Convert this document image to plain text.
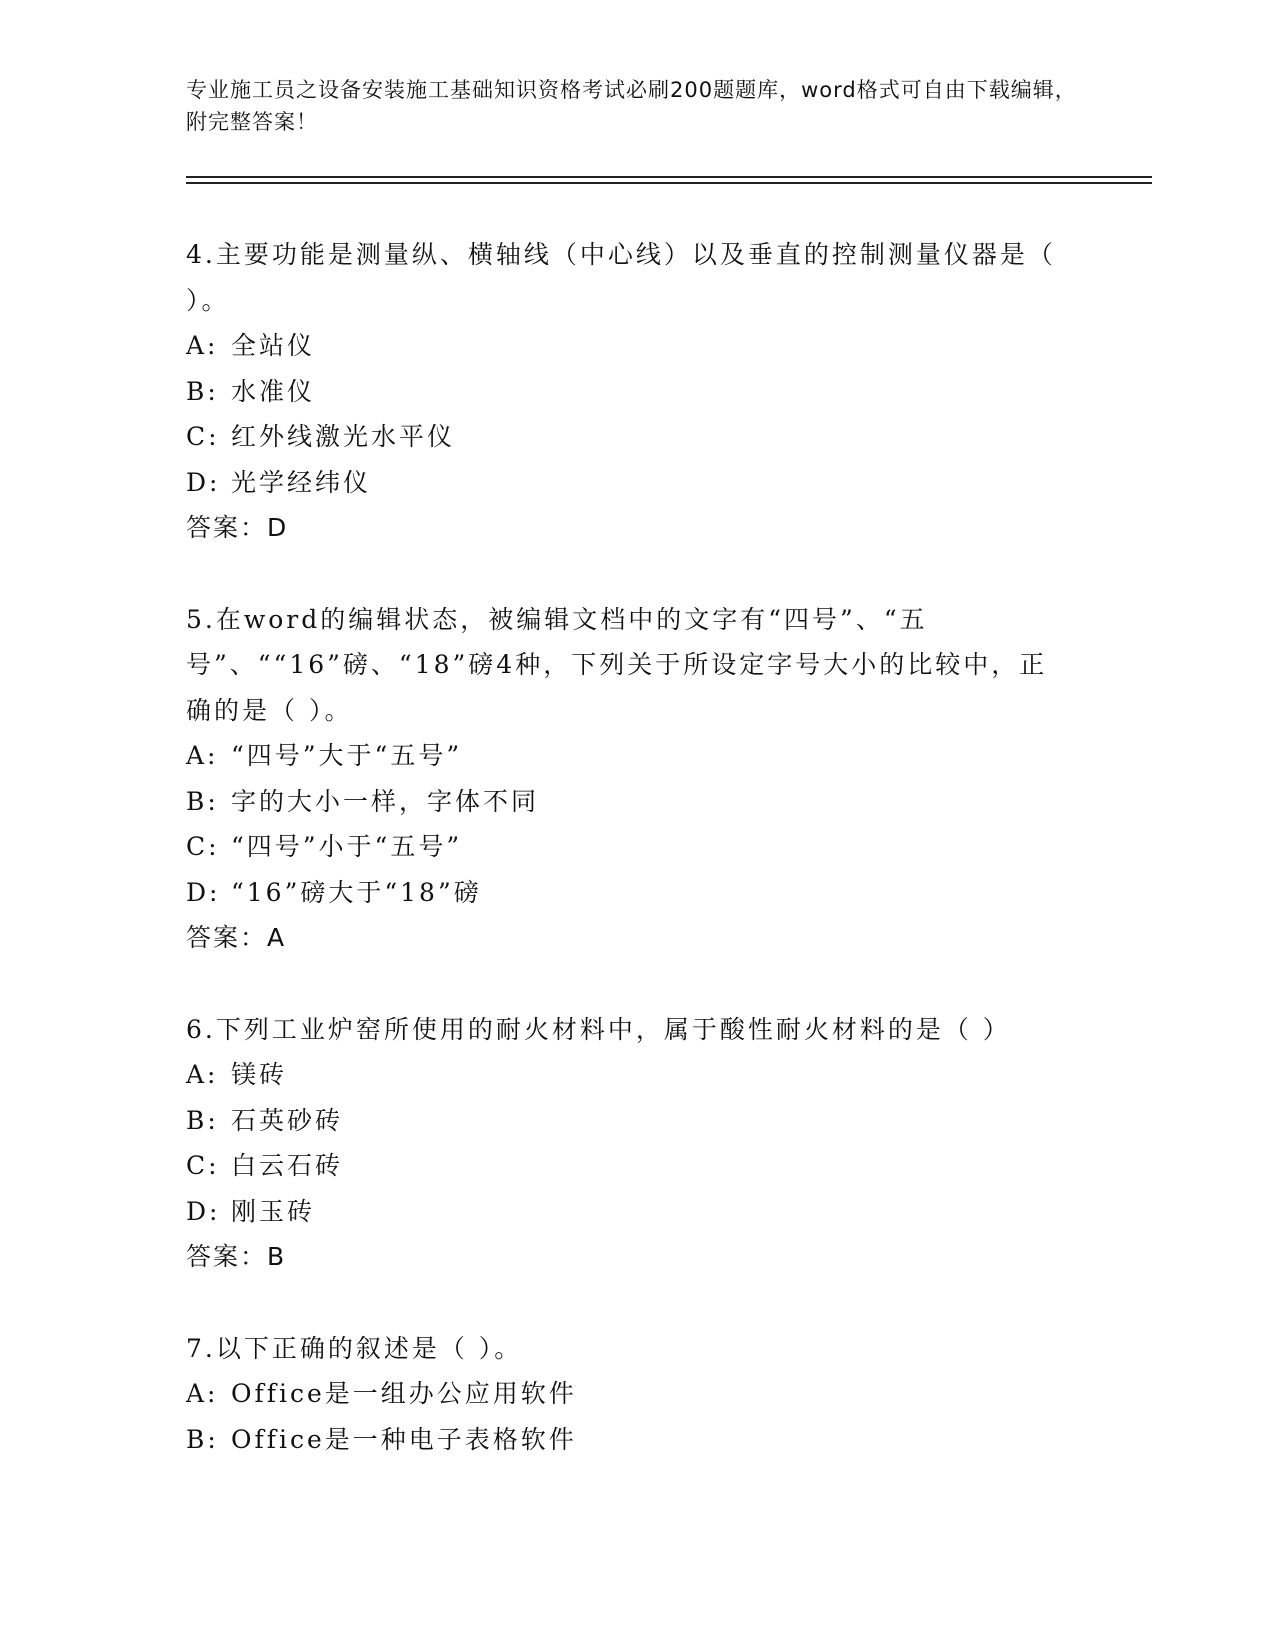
专业施工员之设备安装施工基础知识资格考试必刷200题题库，word格式可自由下载编辑，附完整答案！
4.主要功能是测量纵、横轴线（中心线）以及垂直的控制测量仪器是（ ）。
A: 全站仪
B: 水准仪
C: 红外线激光水平仪
D: 光学经纬仪
答案：D
5.在word的编辑状态，被编辑文档中的文字有“四号”、“五号”、““16”磅、“18”磅4种，下列关于所设定字号大小的比较中，正确的是（ ）。
A: “四号”大于“五号”
B: 字的大小一样，字体不同
C: “四号”小于“五号”
D: “16”磅大于“18”磅
答案：A
6.下列工业炉窑所使用的耐火材料中，属于酸性耐火材料的是（ ）
A: 镁砖
B: 石英砂砖
C: 白云石砖
D: 刚玉砖
答案：B
7.以下正确的叙述是（ ）。
A: Office是一组办公应用软件
B: Office是一种电子表格软件
